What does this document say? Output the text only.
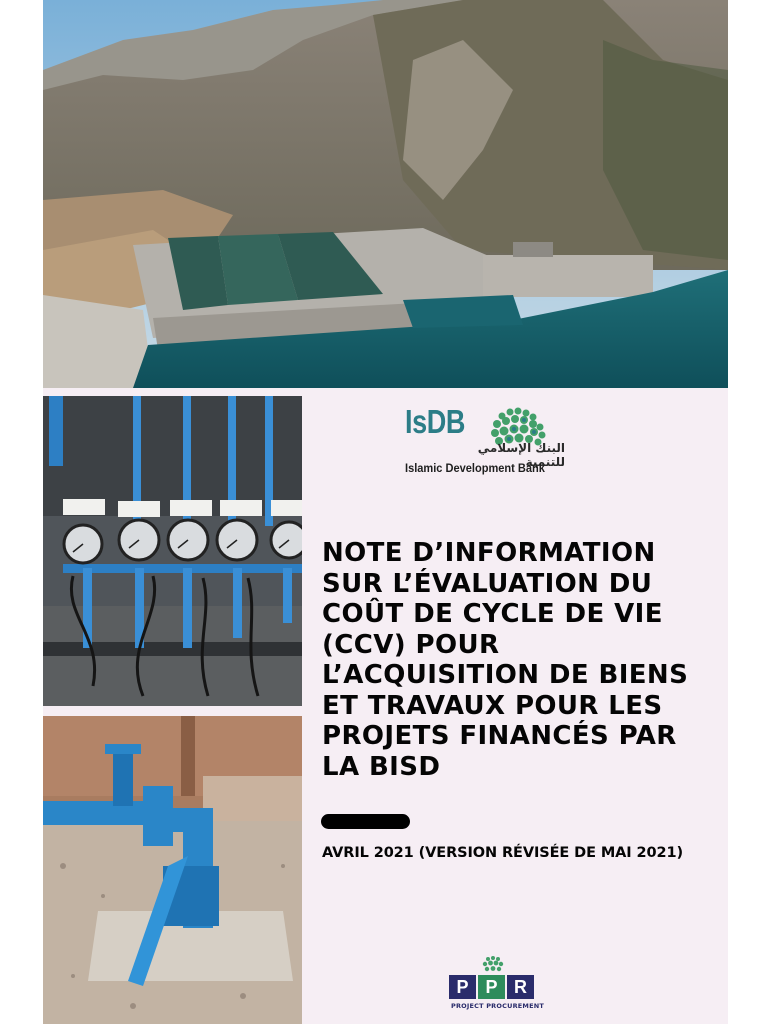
IsDB
البنك الإسلامي للتنمية
Islamic Development Bank
NOTE D’INFORMATION
SUR L’ÉVALUATION DU
COÛT DE CYCLE DE VIE
(CCV) POUR
L’ACQUISITION DE BIENS
ET TRAVAUX POUR LES
PROJETS FINANCÉS PAR
LA BISD
AVRIL 2021 (VERSION RÉVISÉE DE MAI 2021)
P P R
PROJECT PROCUREMENT
